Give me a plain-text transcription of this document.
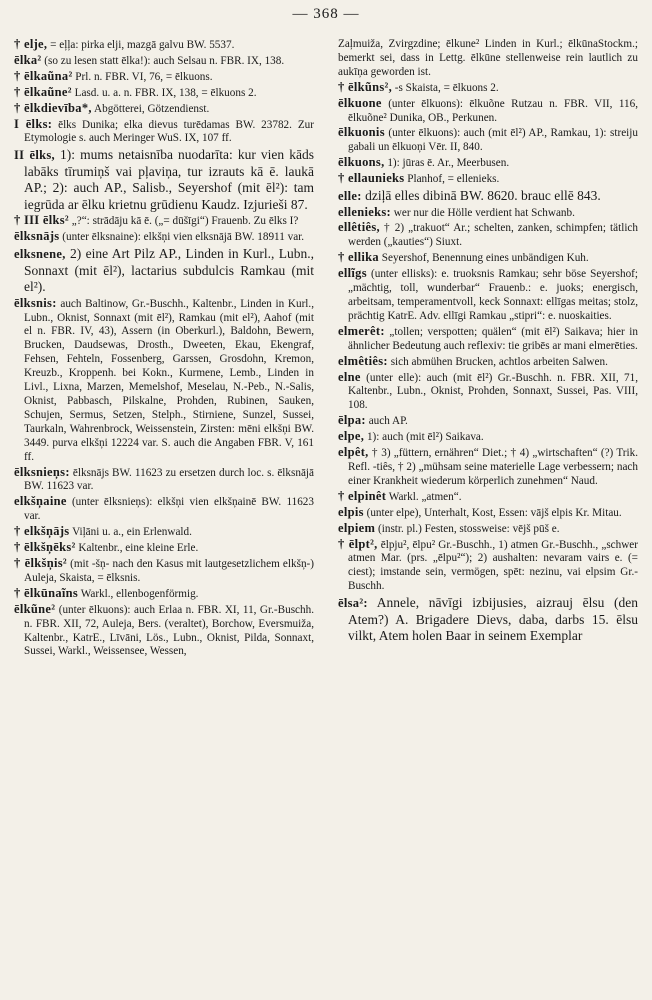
— 368 —

† elje, = eļļa: pirka elji, mazgā galvu BW. 5537.

ēlka² (so zu lesen statt ēlka!): auch Selsau n. FBR. IX, 138.

† ēlkaũna² Prl. n. FBR. VI, 76, = ēlkuons.

† ēlkaũne² Lasd. u. a. n. FBR. IX, 138, = ēlkuons 2.

† ēlkdievība*, Abgötterei, Götzendienst.

I ēlks: ēlks Dunika; elka dievus turēdamas BW. 23782. Zur Etymologie s. auch Meringer WuS. IX, 107 ff.

II ēlks, 1): mums netaisnība nuodarīta: kur vien kāds labāks tīrumiņš vai pļaviņa, tur izrauts kā ē. laukā AP.; 2): auch AP., Salisb., Seyershof (mit ēl²): tam iegrūda ar ēlku krietnu grūdienu Kaudz. Izjurieši 87.

† III ēlks² „?“: strādāju kā ē. („= dūšīgi“) Frauenb. Zu ēlks I?

ēlksnājs (unter ēlksnaine): elkšņi vien elksnājā BW. 18911 var.

elksnene, 2) eine Art Pilz AP., Linden in Kurl., Lubn., Sonnaxt (mit ēl²), lactarius subdulcis Ramkau (mit el²).

ēlksnis: auch Baltinow, Gr.-Buschh., Kaltenbr., Linden in Kurl., Lubn., Oknist, Sonnaxt (mit ēl²), Ramkau (mit el²), Aahof (mit el n. FBR. IV, 43), Assern (in Oberkurl.), Baldohn, Bewern, Brucken, Daudsewas, Drosth., Dweeten, Ekau, Ekengraf, Fehsen, Fehteln, Fossenberg, Garssen, Grosdohn, Kremon, Kreuzb., Kroppenh. bei Kokn., Kurmene, Lemb., Linden in Livl., Lixna, Marzen, Memelshof, Meselau, N.-Peb., N.-Salis, Oknist, Pabbasch, Pilskalne, Prohden, Rubinen, Sauken, Schujen, Sermus, Setzen, Stelph., Stirniene, Sunzel, Sussei, Taurkaln, Wahrenbrock, Weissenstein, Zirsten: mēni elkšņi BW. 3449. purva elkšņi 12224 var. S. auch die Angaben FBR. V, 161 ff.

ēlksnieņs: ēlksnājs BW. 11623 zu ersetzen durch loc. s. ēlksnājā BW. 11623 var.

elkšņaine (unter ēlksnieņs): elkšņi vien elkšņainē BW. 11623 var.

† elkšņājs Viļāni u. a., ein Erlenwald.

† ēlkšņēks² Kaltenbr., eine kleine Erle.

† ēlkšņis² (mit -šņ- nach den Kasus mit lautgesetzlichem elkšņ-) Auleja, Skaista, = ēlksnis.

† ēlkūnaĩns Warkl., ellenbogenförmig.

ēlkũne² (unter ēlkuons): auch Erlaa n. FBR. XI, 11, Gr.-Buschh. n. FBR. XII, 72, Auleja, Bers. (veraltet), Borchow, Eversmuiža, Kaltenbr., KatrE., Līvāni, Lös., Lubn., Oknist, Pilda, Sonnaxt, Sussei, Warkl., Weissensee, Wessen,

Zaļmuiža, Zvirgzdine; ēlkune² Linden in Kurl.; ēlkūnaStockm.; bemerkt sei, dass in Lettg. ēlkūne stellenweise rein lautlich zu aukīņa geworden ist.

† ēlkũns², -s Skaista, = ēlkuons 2.

ēlkuone (unter ēlkuons): ēlkuõne Rutzau n. FBR. VII, 116, ēlkuõne² Dunika, OB., Perkunen.

ēlkuonis (unter ēlkuons): auch (mit ēl²) AP., Ramkau, 1): streiju gabali un ēlkuoņi Vēr. II, 840.

ēlkuons, 1): jūras ē. Ar., Meerbusen.

† ellaunieks Planhof, = ellenieks.

elle: dziļā elles dibinā BW. 8620. brauc ellē 843.

ellenieks: wer nur die Hölle verdient hat Schwanb.

ellêtiês, † 2) „trakuot“ Ar.; schelten, zanken, schimpfen; tätlich werden („kauties“) Siuxt.

† ellika Seyershof, Benennung eines unbändigen Kuh.

ellĩgs (unter ellisks): e. truoksnis Ramkau; sehr böse Seyershof; „mächtig, toll, wunderbar“ Frauenb.: e. juoks; energisch, arbeitsam, temperamentvoll, keck Sonnaxt: ellīgas meitas; stolz, prächtig KatrE. Adv. ellīgi Ramkau „stipri“: e. nuoskaities.

elmerêt: „tollen; verspotten; quälen“ (mit ēl²) Saikava; hier in ähnlicher Bedeutung auch reflexiv: tie gribēs ar mani elmerēties.

elmêtiês: sich abmühen Brucken, achtlos arbeiten Salwen.

elne (unter elle): auch (mit ēl²) Gr.-Buschh. n. FBR. XII, 71, Kaltenbr., Lubn., Oknist, Prohden, Sonnaxt, Sussei, Pas. VIII, 108.

ēlpa: auch AP.

elpe, 1): auch (mit ēl²) Saikava.

elpêt, † 3) „füttern, ernähren“ Diet.; † 4) „wirtschaften“ (?) Trik. Refl. -tiês, † 2) „mühsam seine materielle Lage verbessern; nach einer Krankheit wiederum körperlich zunehmen“ Naud.

† elpinêt Warkl. „atmen“.

elpis (unter elpe), Unterhalt, Kost, Essen: vājš elpis Kr. Mitau.

elpiem (instr. pl.) Festen, stossweise: vējš pūš e.

† ēlpt², ēlpju², ēlpu² Gr.-Buschh., 1) atmen Gr.-Buschh., „schwer atmen Mar. (prs. „ēlpu²“); 2) aushalten: nevaram vairs e. (= ciest); imstande sein, vermögen, spēt: nezinu, vai elpsim Gr.-Buschh.

ēlsa²: Annele, nāvīgi izbijusies, aizrauj ēlsu (den Atem?) A. Brigadere Dievs, daba, darbs 15. ēlsu vilkt, Atem holen Baar in seinem Exemplar
